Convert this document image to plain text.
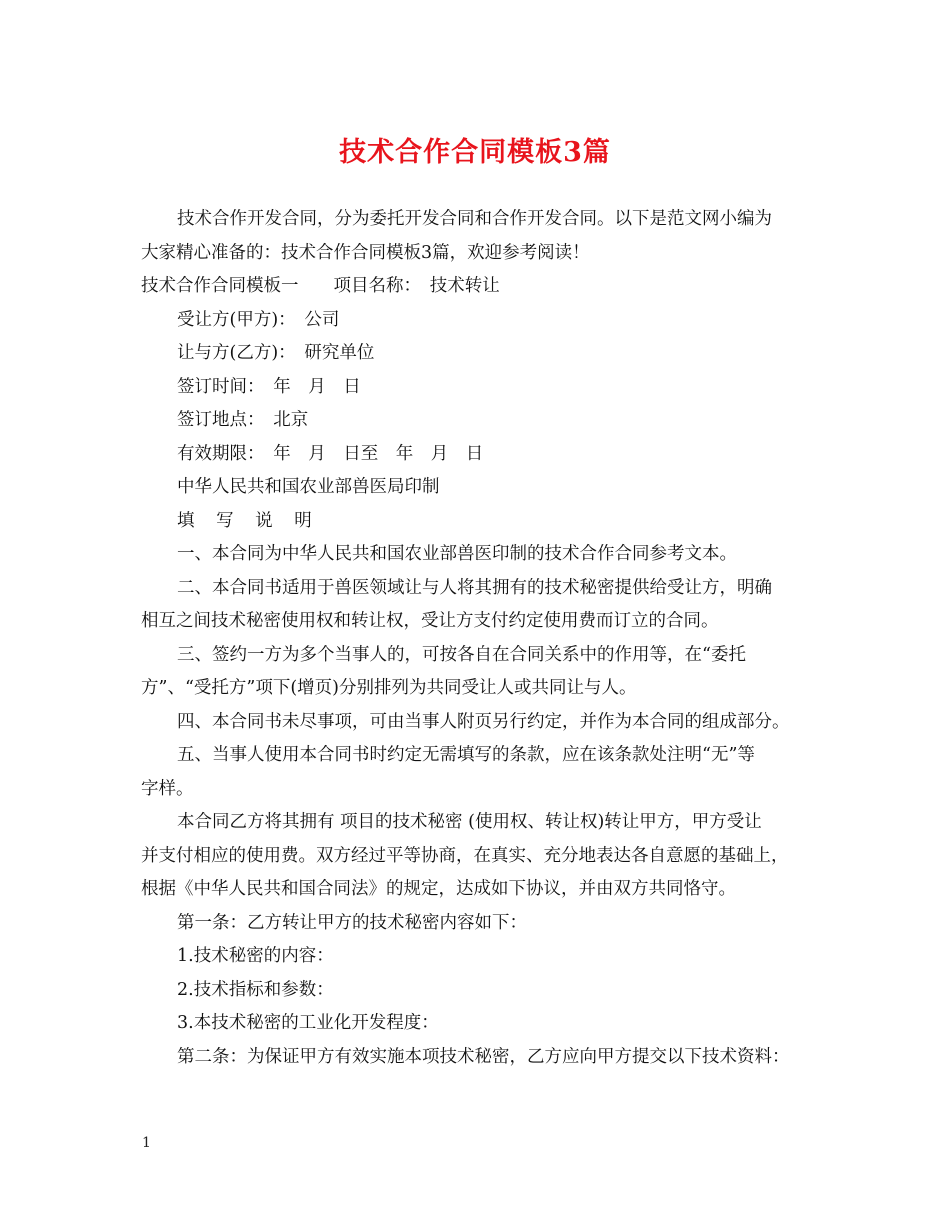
技术合作合同模板3篇
技术合作开发合同，分为委托开发合同和合作开发合同。以下是范文网小编为
大家精心准备的：技术合作合同模板3篇，欢迎参考阅读！
技术合作合同模板一　　项目名称：　技术转让
受让方(甲方)：　公司
让与方(乙方)：　研究单位
签订时间：　年　月　日
签订地点：　北京
有效期限：　年　月　日至　年　月　日
中华人民共和国农业部兽医局印制
填 写 说 明
一、本合同为中华人民共和国农业部兽医印制的技术合作合同参考文本。
二、本合同书适用于兽医领域让与人将其拥有的技术秘密提供给受让方，明确
相互之间技术秘密使用权和转让权，受让方支付约定使用费而订立的合同。
三、签约一方为多个当事人的，可按各自在合同关系中的作用等，在“委托
方”、“受托方”项下(增页)分别排列为共同受让人或共同让与人。
四、本合同书未尽事项，可由当事人附页另行约定，并作为本合同的组成部分。
五、当事人使用本合同书时约定无需填写的条款，应在该条款处注明“无”等
字样。
本合同乙方将其拥有 项目的技术秘密 (使用权、转让权)转让甲方，甲方受让
并支付相应的使用费。双方经过平等协商，在真实、充分地表达各自意愿的基础上，
根据《中华人民共和国合同法》的规定，达成如下协议，并由双方共同恪守。
第一条：乙方转让甲方的技术秘密内容如下：
1.技术秘密的内容：
2.技术指标和参数：
3.本技术秘密的工业化开发程度：
第二条：为保证甲方有效实施本项技术秘密，乙方应向甲方提交以下技术资料：
1
